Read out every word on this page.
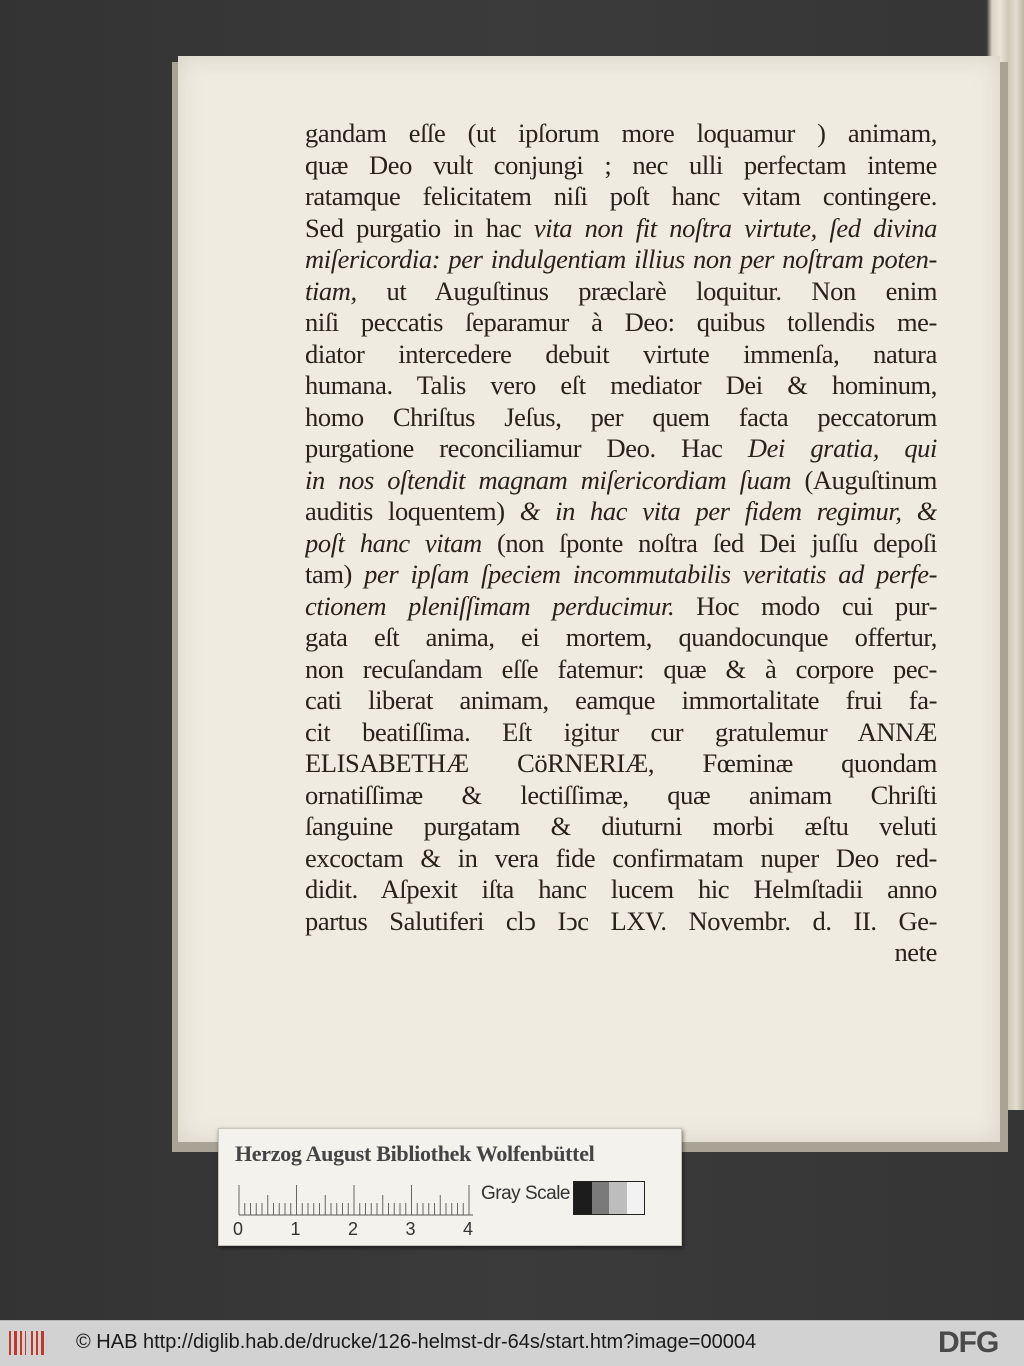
gandam eſſe (ut ipſorum more loquamur ) animam,
quæ Deo vult conjungi ; nec ulli perfectam inteme
ratamque felicitatem niſi poſt hanc vitam contingere.
Sed purgatio in hac vita non fit noſtra virtute, ſed divina
miſericordia: per indulgentiam illius non per noſtram poten-
tiam, ut Auguſtinus præclarè loquitur. Non enim
niſi peccatis ſeparamur à Deo: quibus tollendis me-
diator intercedere debuit virtute immenſa, natura
humana. Talis vero eſt mediator Dei & hominum,
homo Chriſtus Jeſus, per quem facta peccatorum
purgatione reconciliamur Deo. Hac Dei gratia, qui
in nos oſtendit magnam miſericordiam ſuam (Auguſtinum
auditis loquentem) & in hac vita per fidem regimur, &
poſt hanc vitam (non ſponte noſtra ſed Dei juſſu depoſi
tam) per ipſam ſpeciem incommutabilis veritatis ad perfe-
ctionem pleniſſimam perducimur. Hoc modo cui pur-
gata eſt anima, ei mortem, quandocunque offertur,
non recuſandam eſſe fatemur: quæ & à corpore pec-
cati liberat animam, eamque immortalitate frui fa-
cit beatiſſima. Eſt igitur cur gratulemur ANNÆ
ELISABETHÆ CöRNERIÆ, Fœminæ quondam
ornatiſſimæ & lectiſſimæ, quæ animam Chriſti
ſanguine purgatam & diuturni morbi æſtu veluti
excoctam & in vera fide confirmatam nuper Deo red-
didit. Aſpexit iſta hanc lucem hic Helmſtadii anno
partus Salutiferi clↄ Iↄc LXV. Novembr. d. II. Ge-
nete
Herzog August Bibliothek Wolfenbüttel
0	1	2	3	4
Gray Scale
© HAB http://diglib.hab.de/drucke/126-helmst-dr-64s/start.htm?image=00004	DFG
